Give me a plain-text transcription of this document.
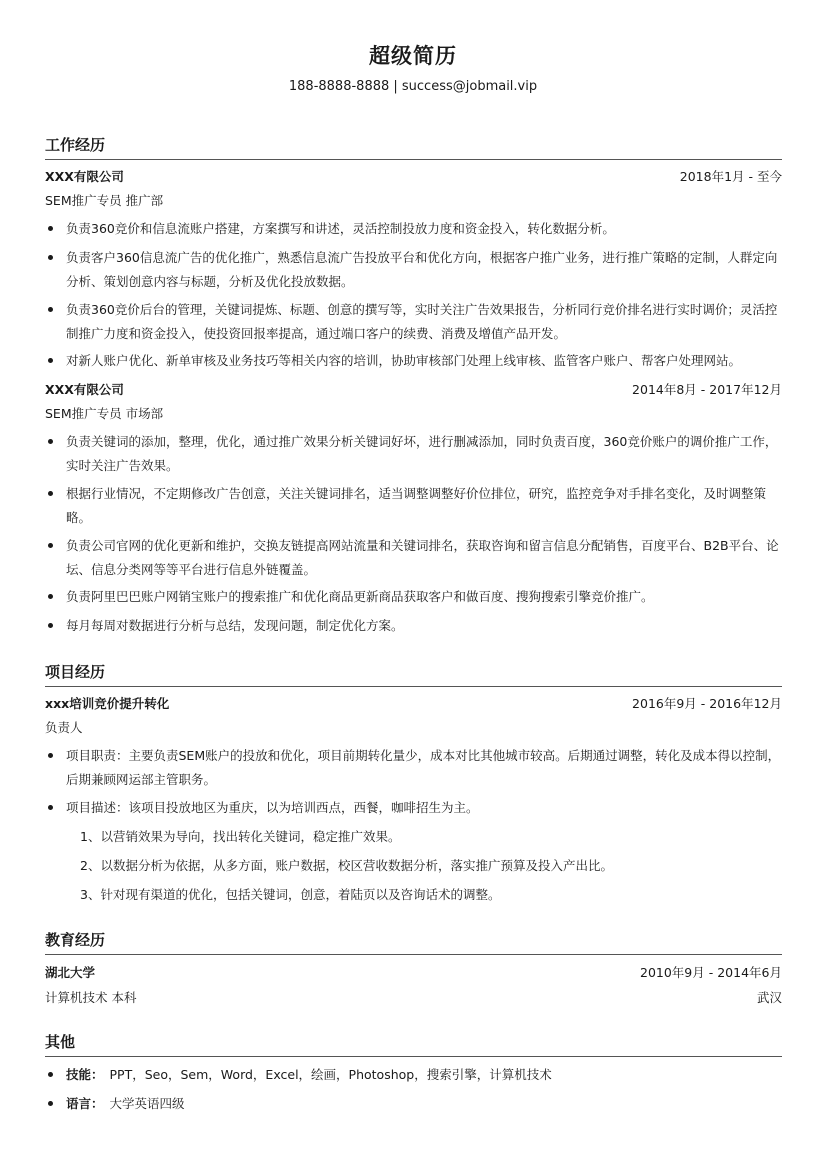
超级简历
188-8888-8888 | success@jobmail.vip
工作经历
XXX有限公司	2018年1月 - 至今
SEM推广专员 推广部
负责360竞价和信息流账户搭建，方案撰写和讲述，灵活控制投放力度和资金投入，转化数据分析。
负责客户360信息流广告的优化推广，熟悉信息流广告投放平台和优化方向，根据客户推广业务，进行推广策略的定制，人群定向分析、策划创意内容与标题，分析及优化投放数据。
负责360竞价后台的管理，关键词提炼、标题、创意的撰写等，实时关注广告效果报告，分析同行竞价排名进行实时调价；灵活控制推广力度和资金投入，使投资回报率提高，通过端口客户的续费、消费及增值产品开发。
对新人账户优化、新单审核及业务技巧等相关内容的培训，协助审核部门处理上线审核、监管客户账户、帮客户处理网站。
XXX有限公司	2014年8月 - 2017年12月
SEM推广专员 市场部
负责关键词的添加，整理，优化，通过推广效果分析关键词好坏，进行删减添加，同时负责百度，360竞价账户的调价推广工作，实时关注广告效果。
根据行业情况，不定期修改广告创意，关注关键词排名，适当调整调整好价位排位，研究，监控竞争对手排名变化，及时调整策略。
负责公司官网的优化更新和维护，交换友链提高网站流量和关键词排名，获取咨询和留言信息分配销售，百度平台、B2B平台、论坛、信息分类网等等平台进行信息外链覆盖。
负责阿里巴巴账户网销宝账户的搜索推广和优化商品更新商品获取客户和做百度、搜狗搜索引擎竞价推广。
每月每周对数据进行分析与总结，发现问题，制定优化方案。
项目经历
xxx培训竞价提升转化	2016年9月 - 2016年12月
负责人
项目职责：主要负责SEM账户的投放和优化，项目前期转化量少，成本对比其他城市较高。后期通过调整，转化及成本得以控制，后期兼顾网运部主管职务。
项目描述：该项目投放地区为重庆，以为培训西点，西餐，咖啡招生为主。
1、以营销效果为导向，找出转化关键词，稳定推广效果。
2、以数据分析为依据，从多方面，账户数据，校区营收数据分析，落实推广预算及投入产出比。
3、针对现有渠道的优化，包括关键词，创意，着陆页以及咨询话术的调整。
教育经历
湖北大学	2010年9月 - 2014年6月
计算机技术 本科	武汉
其他
技能： PPT，Seo，Sem，Word，Excel，绘画，Photoshop，搜索引擎，计算机技术
语言： 大学英语四级
